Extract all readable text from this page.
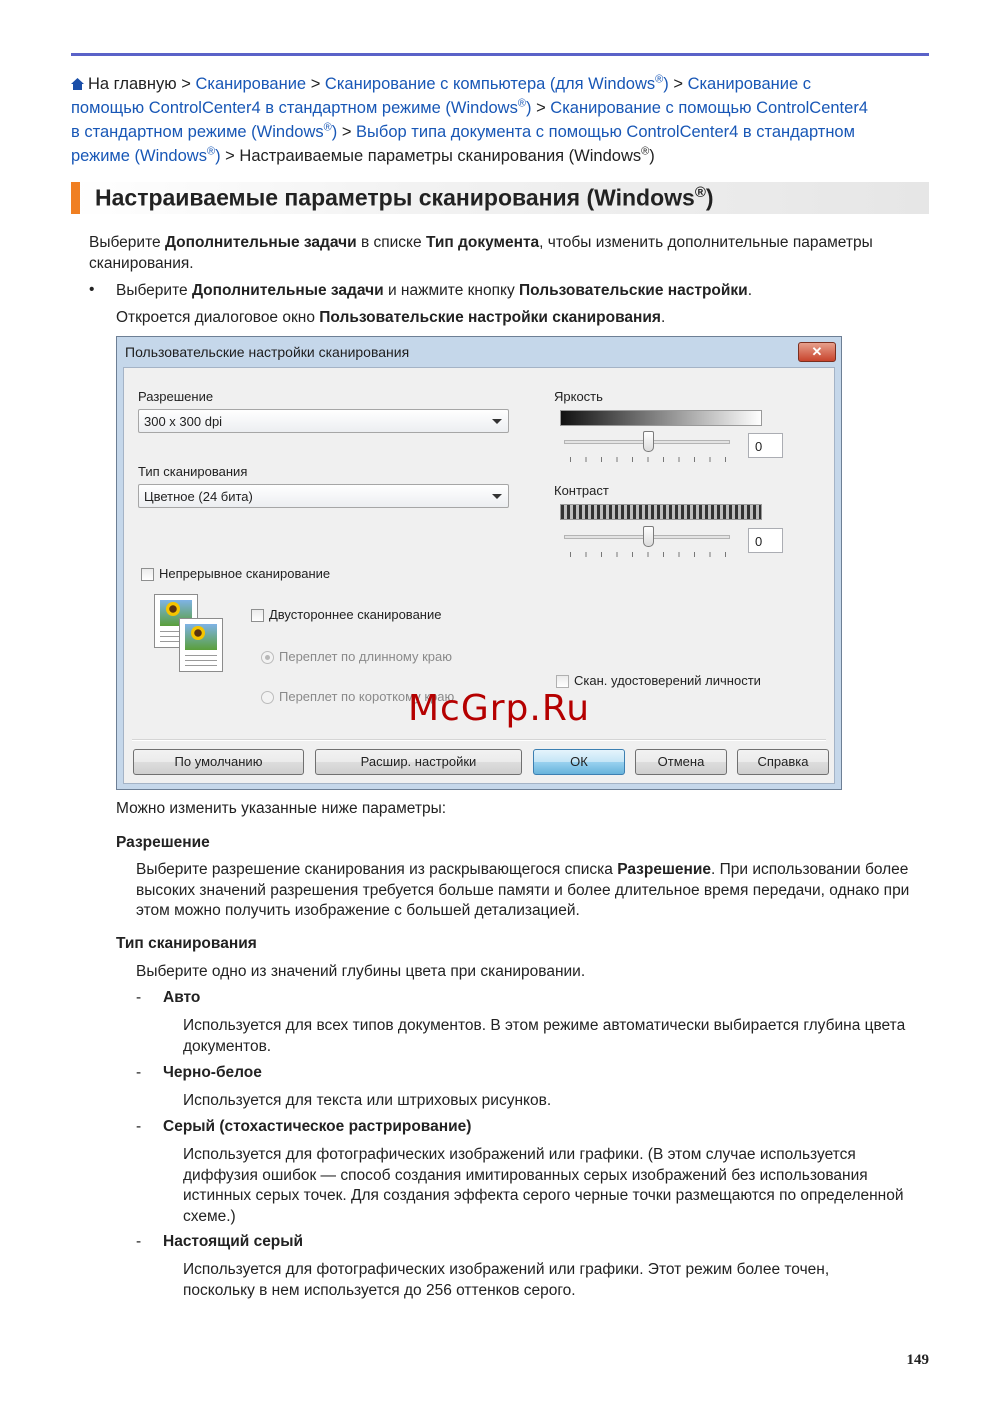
На главную > Сканирование > Сканирование с компьютера (для Windows®) > Сканирование с
помощью ControlCenter4 в стандартном режиме (Windows®) > Сканирование с помощью ControlCenter4
в стандартном режиме (Windows®) > Выбор типа документа с помощью ControlCenter4 в стандартном
режиме (Windows®) > Настраиваемые параметры сканирования (Windows®)
Настраиваемые параметры сканирования (Windows®)
Выберите Дополнительные задачи в списке Тип документа, чтобы изменить дополнительные параметры сканирования.
• Выберите Дополнительные задачи и нажмите кнопку Пользовательские настройки.
Откроется диалоговое окно Пользовательские настройки сканирования.
Пользовательские настройки сканирования	✕
Разрешение
300 x 300 dpi
Тип сканирования
Цветное (24 бита)
Яркость
0
Контраст
0
Непрерывное сканирование
Двустороннее сканирование
Переплет по длинному краю
Переплет по короткому краю
Скан. удостоверений личности
По умолчанию	Расшир. настройки	ОК	Отмена	Справка
McGrp.Ru
Можно изменить указанные ниже параметры:
Разрешение
Выберите разрешение сканирования из раскрывающегося списка Разрешение. При использовании более высоких значений разрешения требуется больше памяти и более длительное время передачи, однако при этом можно получить изображение с большей детализацией.
Тип сканирования
Выберите одно из значений глубины цвета при сканировании.
- Авто
Используется для всех типов документов. В этом режиме автоматически выбирается глубина цвета документов.
- Черно-белое
Используется для текста или штриховых рисунков.
- Серый (стохастическое растрирование)
Используется для фотографических изображений или графики. (В этом случае используется диффузия ошибок — способ создания имитированных серых изображений без использования истинных серых точек. Для создания эффекта серого черные точки размещаются по определенной схеме.)
- Настоящий серый
Используется для фотографических изображений или графики. Этот режим более точен, поскольку в нем используется до 256 оттенков серого.
149
